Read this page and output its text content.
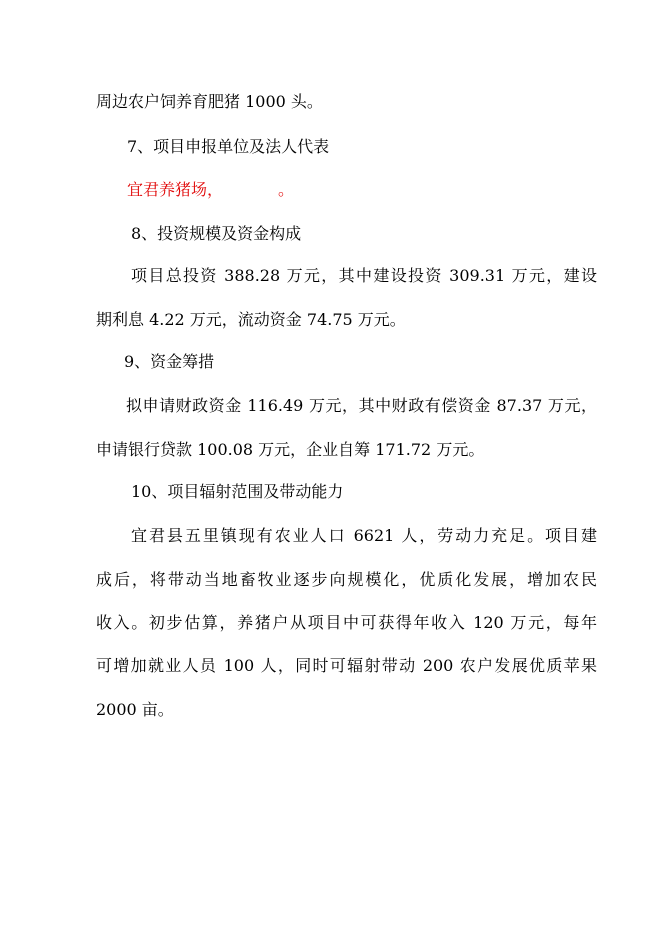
周边农户饲养育肥猪 1000 头。
7、项目申报单位及法人代表
宜君养猪场，	。
8、投资规模及资金构成
项目总投资 388.28 万元，其中建设投资 309.31 万元，建设
期利息 4.22 万元，流动资金 74.75 万元。
9、资金筹措
拟申请财政资金 116.49 万元，其中财政有偿资金 87.37 万元，
申请银行贷款 100.08 万元，企业自筹 171.72 万元。
10、项目辐射范围及带动能力
宜君县五里镇现有农业人口 6621 人，劳动力充足。项目建
成后，将带动当地畜牧业逐步向规模化，优质化发展，增加农民
收入。初步估算，养猪户从项目中可获得年收入 120 万元，每年
可增加就业人员 100 人，同时可辐射带动 200 农户发展优质苹果
2000 亩。
